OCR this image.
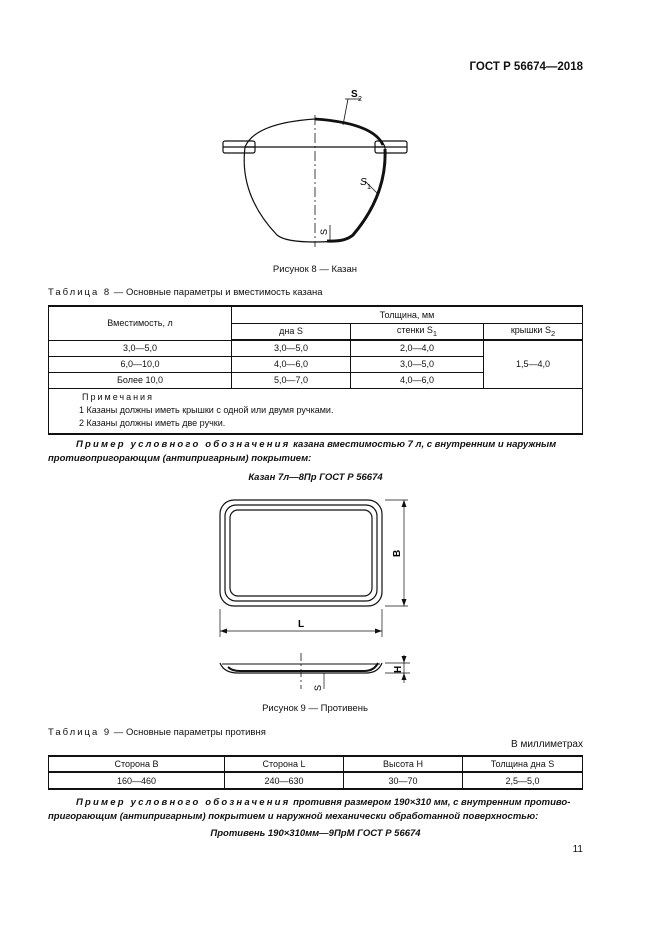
ГОСТ Р 56674—2018
S 2
S 1
S
Рисунок 8 — Казан
Таблица 8 — Основные параметры и вместимость казана
Вместимость, л	Толщина, мм		
	дна S	стенки $S_1$	крышки $S_2$
3,0—5,0	3,0—5,0	2,0—4,0	1,5—4,0
6,0—10,0	4,0—6,0	3,0—5,0	
Более 10,0	5,0—7,0	4,0—6,0	

Примечания
1 Казаны должны иметь крышки с одной или двумя ручками.
2 Казаны должны иметь две ручки.			
Пример условного обозначения казана вместимостью 7 л, с внутренним и наружным
противопригорающим (антипригарным) покрытием:
Казан 7л—8Пр ГОСТ Р 56674
B
L
H
S
Рисунок 9 — Противень
Таблица 9 — Основные параметры противня
В миллиметрах
Сторона B	Сторона L	Высота H	Толщина дна S
160—460	240—630	30—70	2,5—5,0
Пример условного обозначения противня размером 190×310 мм, с внутренним противо-
пригорающим (антипригарным) покрытием и наружной механически обработанной поверхностью:
Противень 190×310мм—9ПрМ ГОСТ Р 56674
11
